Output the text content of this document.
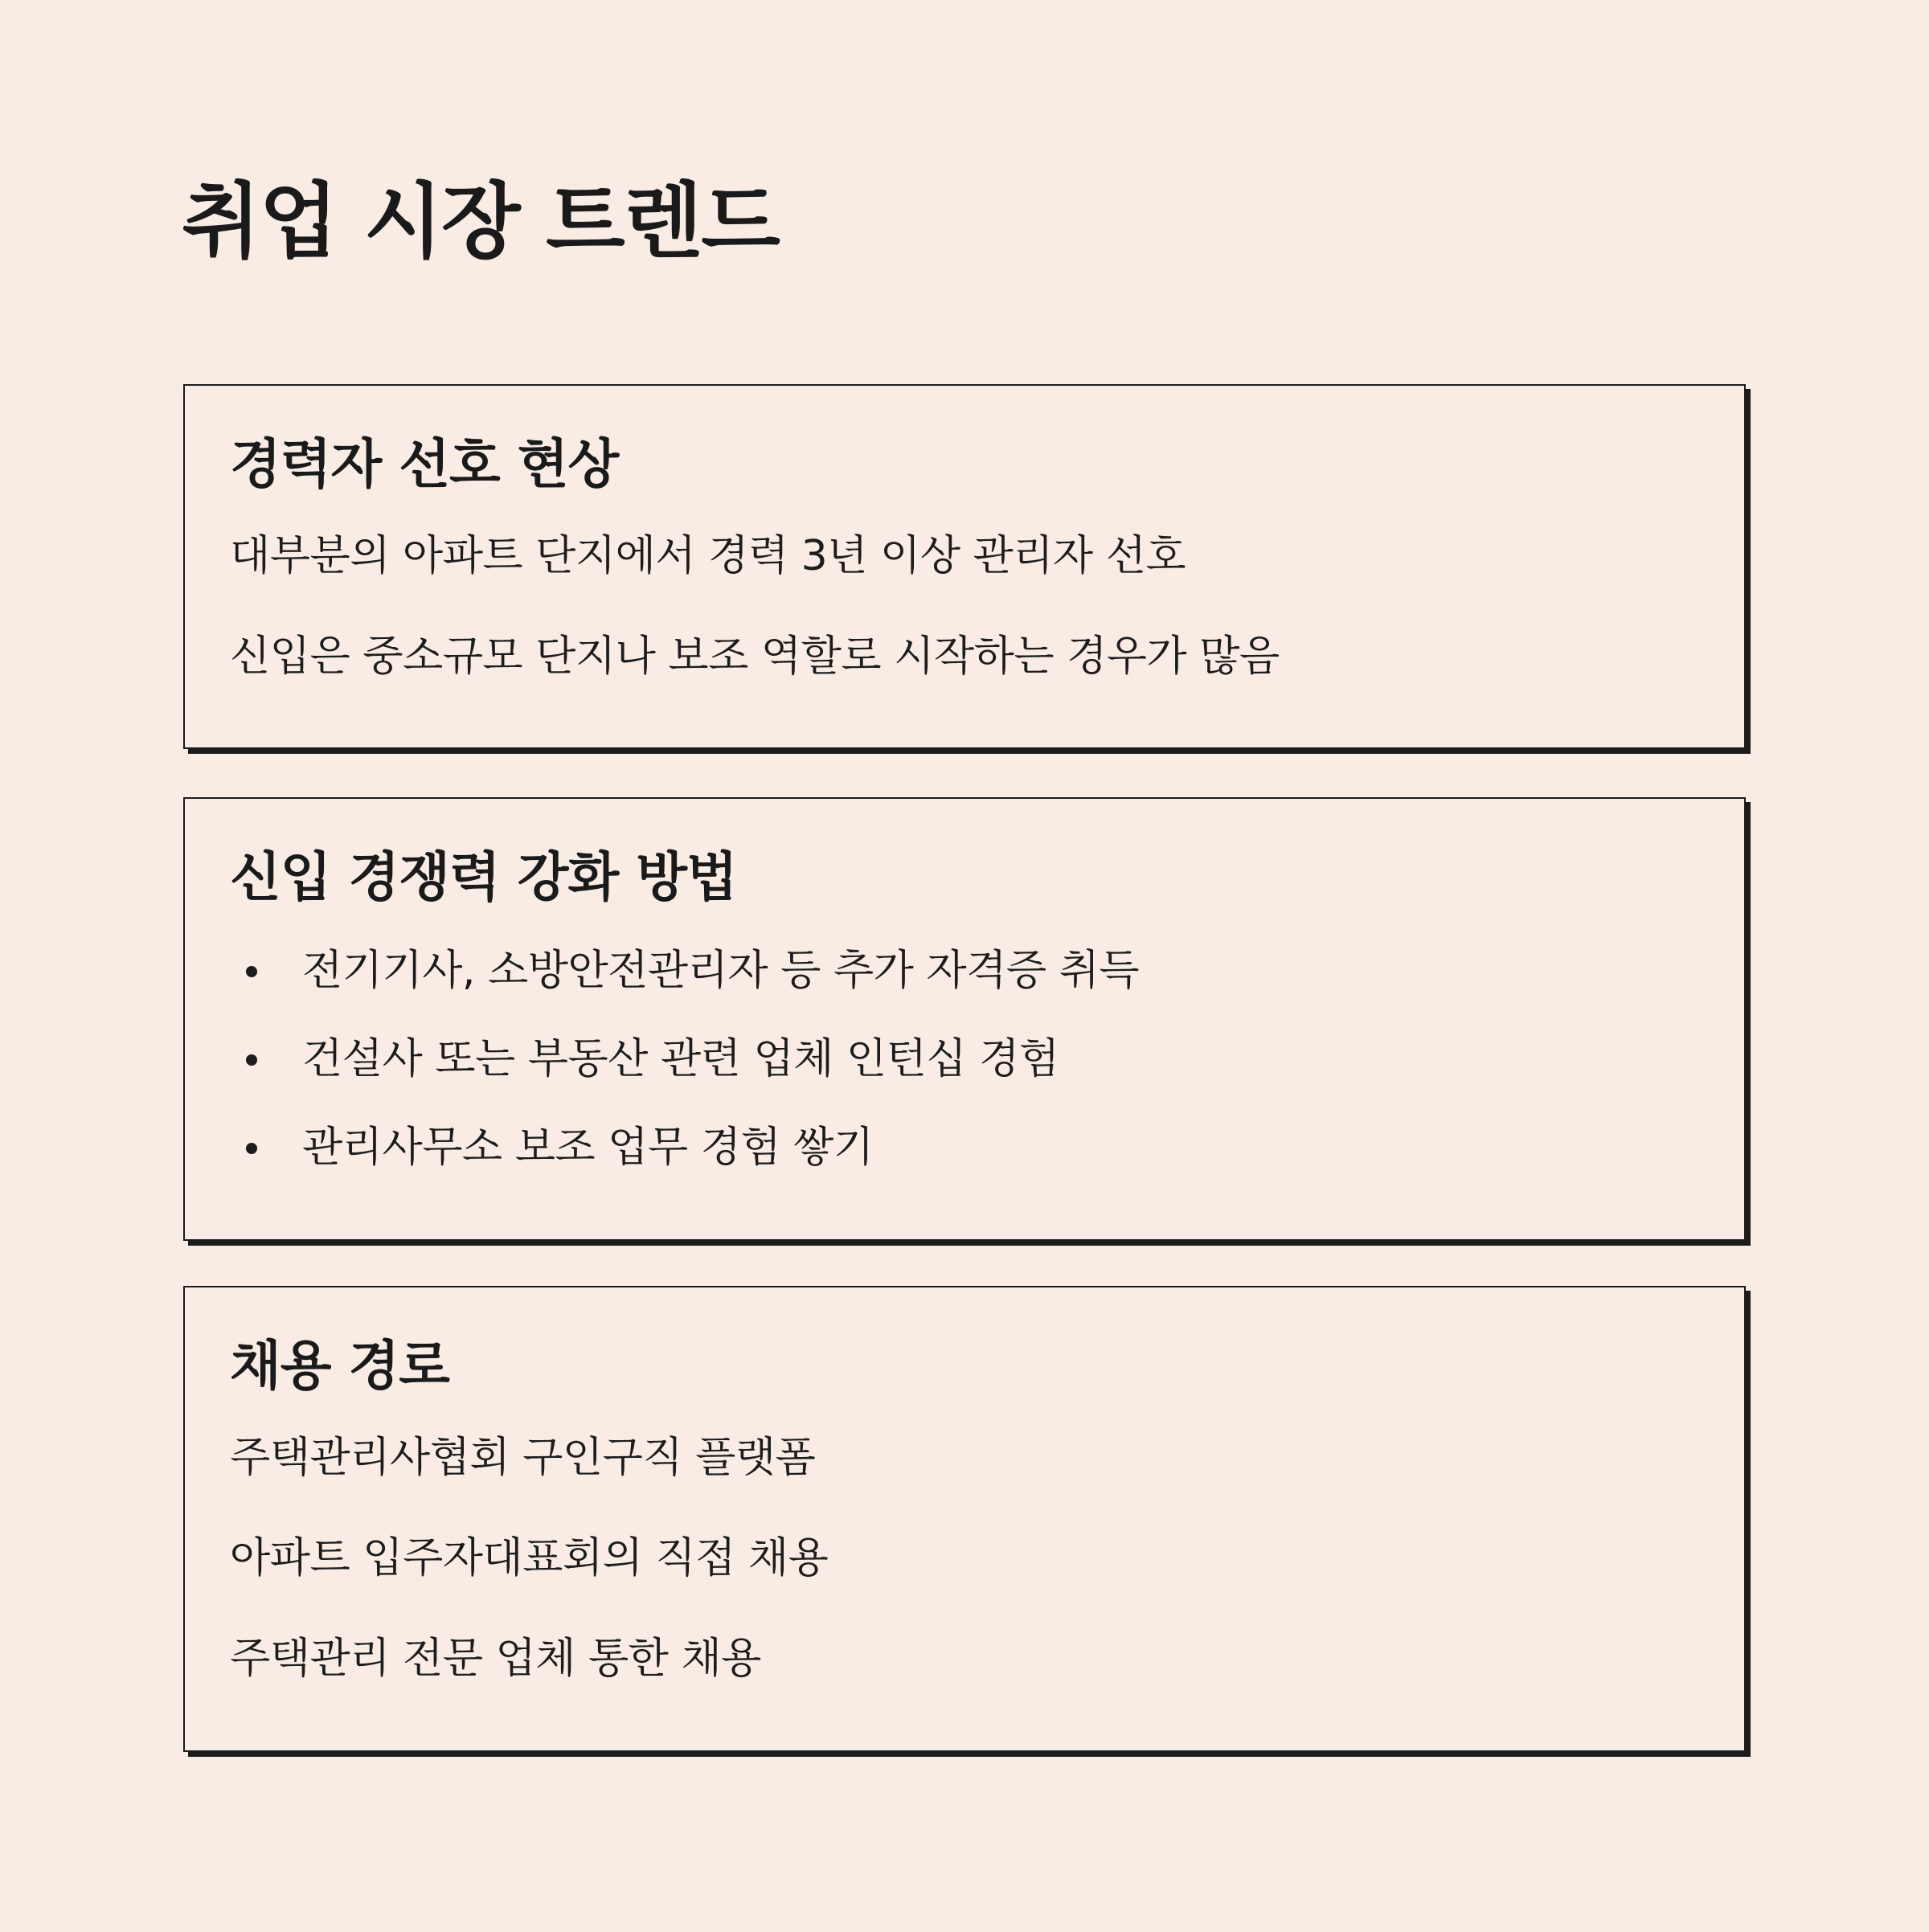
취업 시장 트렌드
경력자 선호 현상
대부분의 아파트 단지에서 경력 3년 이상 관리자 선호
신입은 중소규모 단지나 보조 역할로 시작하는 경우가 많음
신입 경쟁력 강화 방법
전기기사, 소방안전관리자 등 추가 자격증 취득
건설사 또는 부동산 관련 업체 인턴십 경험
관리사무소 보조 업무 경험 쌓기
채용 경로
주택관리사협회 구인구직 플랫폼
아파트 입주자대표회의 직접 채용
주택관리 전문 업체 통한 채용
